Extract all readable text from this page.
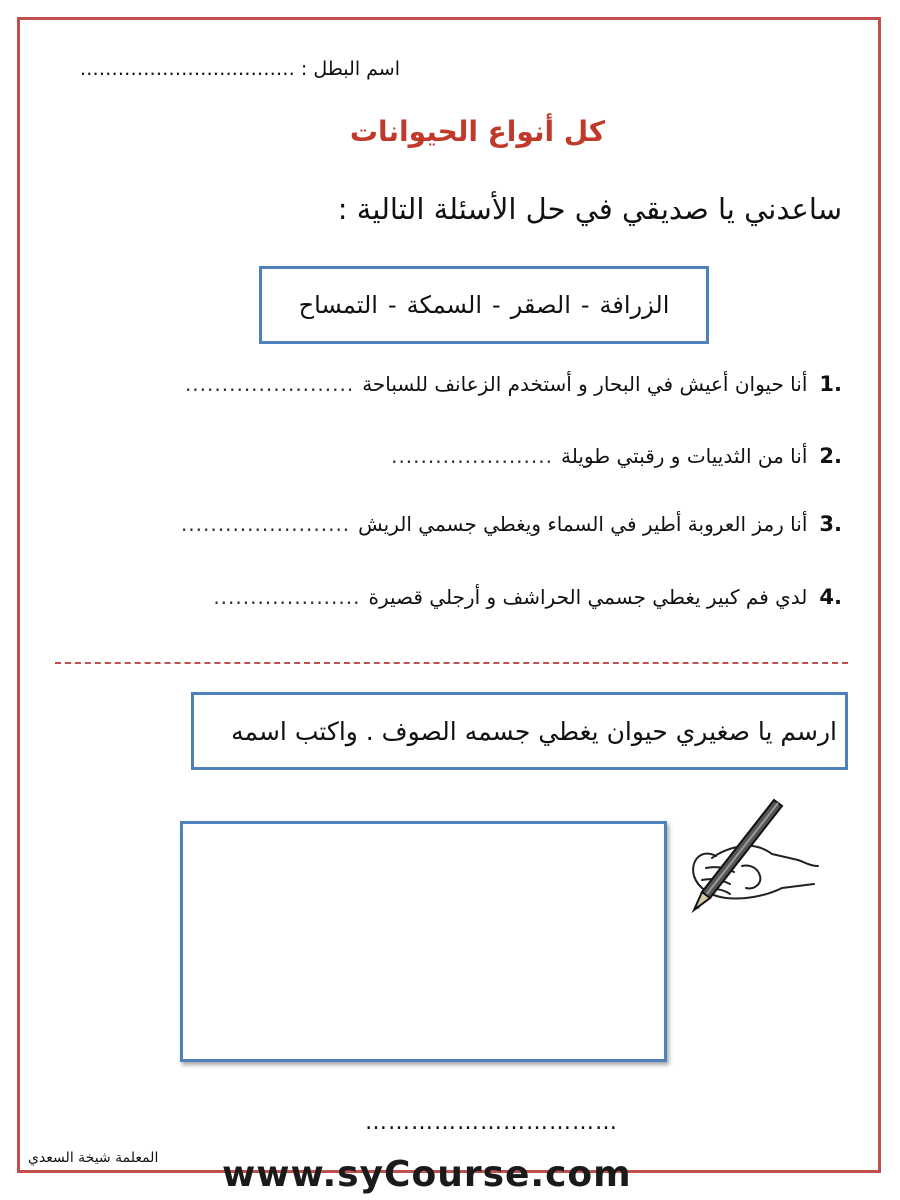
اسم البطل : ……….……………………
كل أنواع الحيوانات
ساعدني يا صديقي في حل الأسئلة التالية :
الزرافة
-
الصقر
-
السمكة
-
التمساح
1.
أنا حيوان أعيش في البحار و أستخدم الزعانف للسباحة
.......................
2.
أنا من الثدييات و رقبتي طويلة
......................
3.
أنا رمز العروبة أطير في السماء ويغطي جسمي الريش
.......................
4.
لدي فم كبير يغطي جسمي الحراشف و أرجلي قصيرة
....................
ارسم يا صغيري حيوان يغطي جسمه الصوف . واكتب اسمه
……………………………
المعلمة شيخة السعدي www.syCourse.com
